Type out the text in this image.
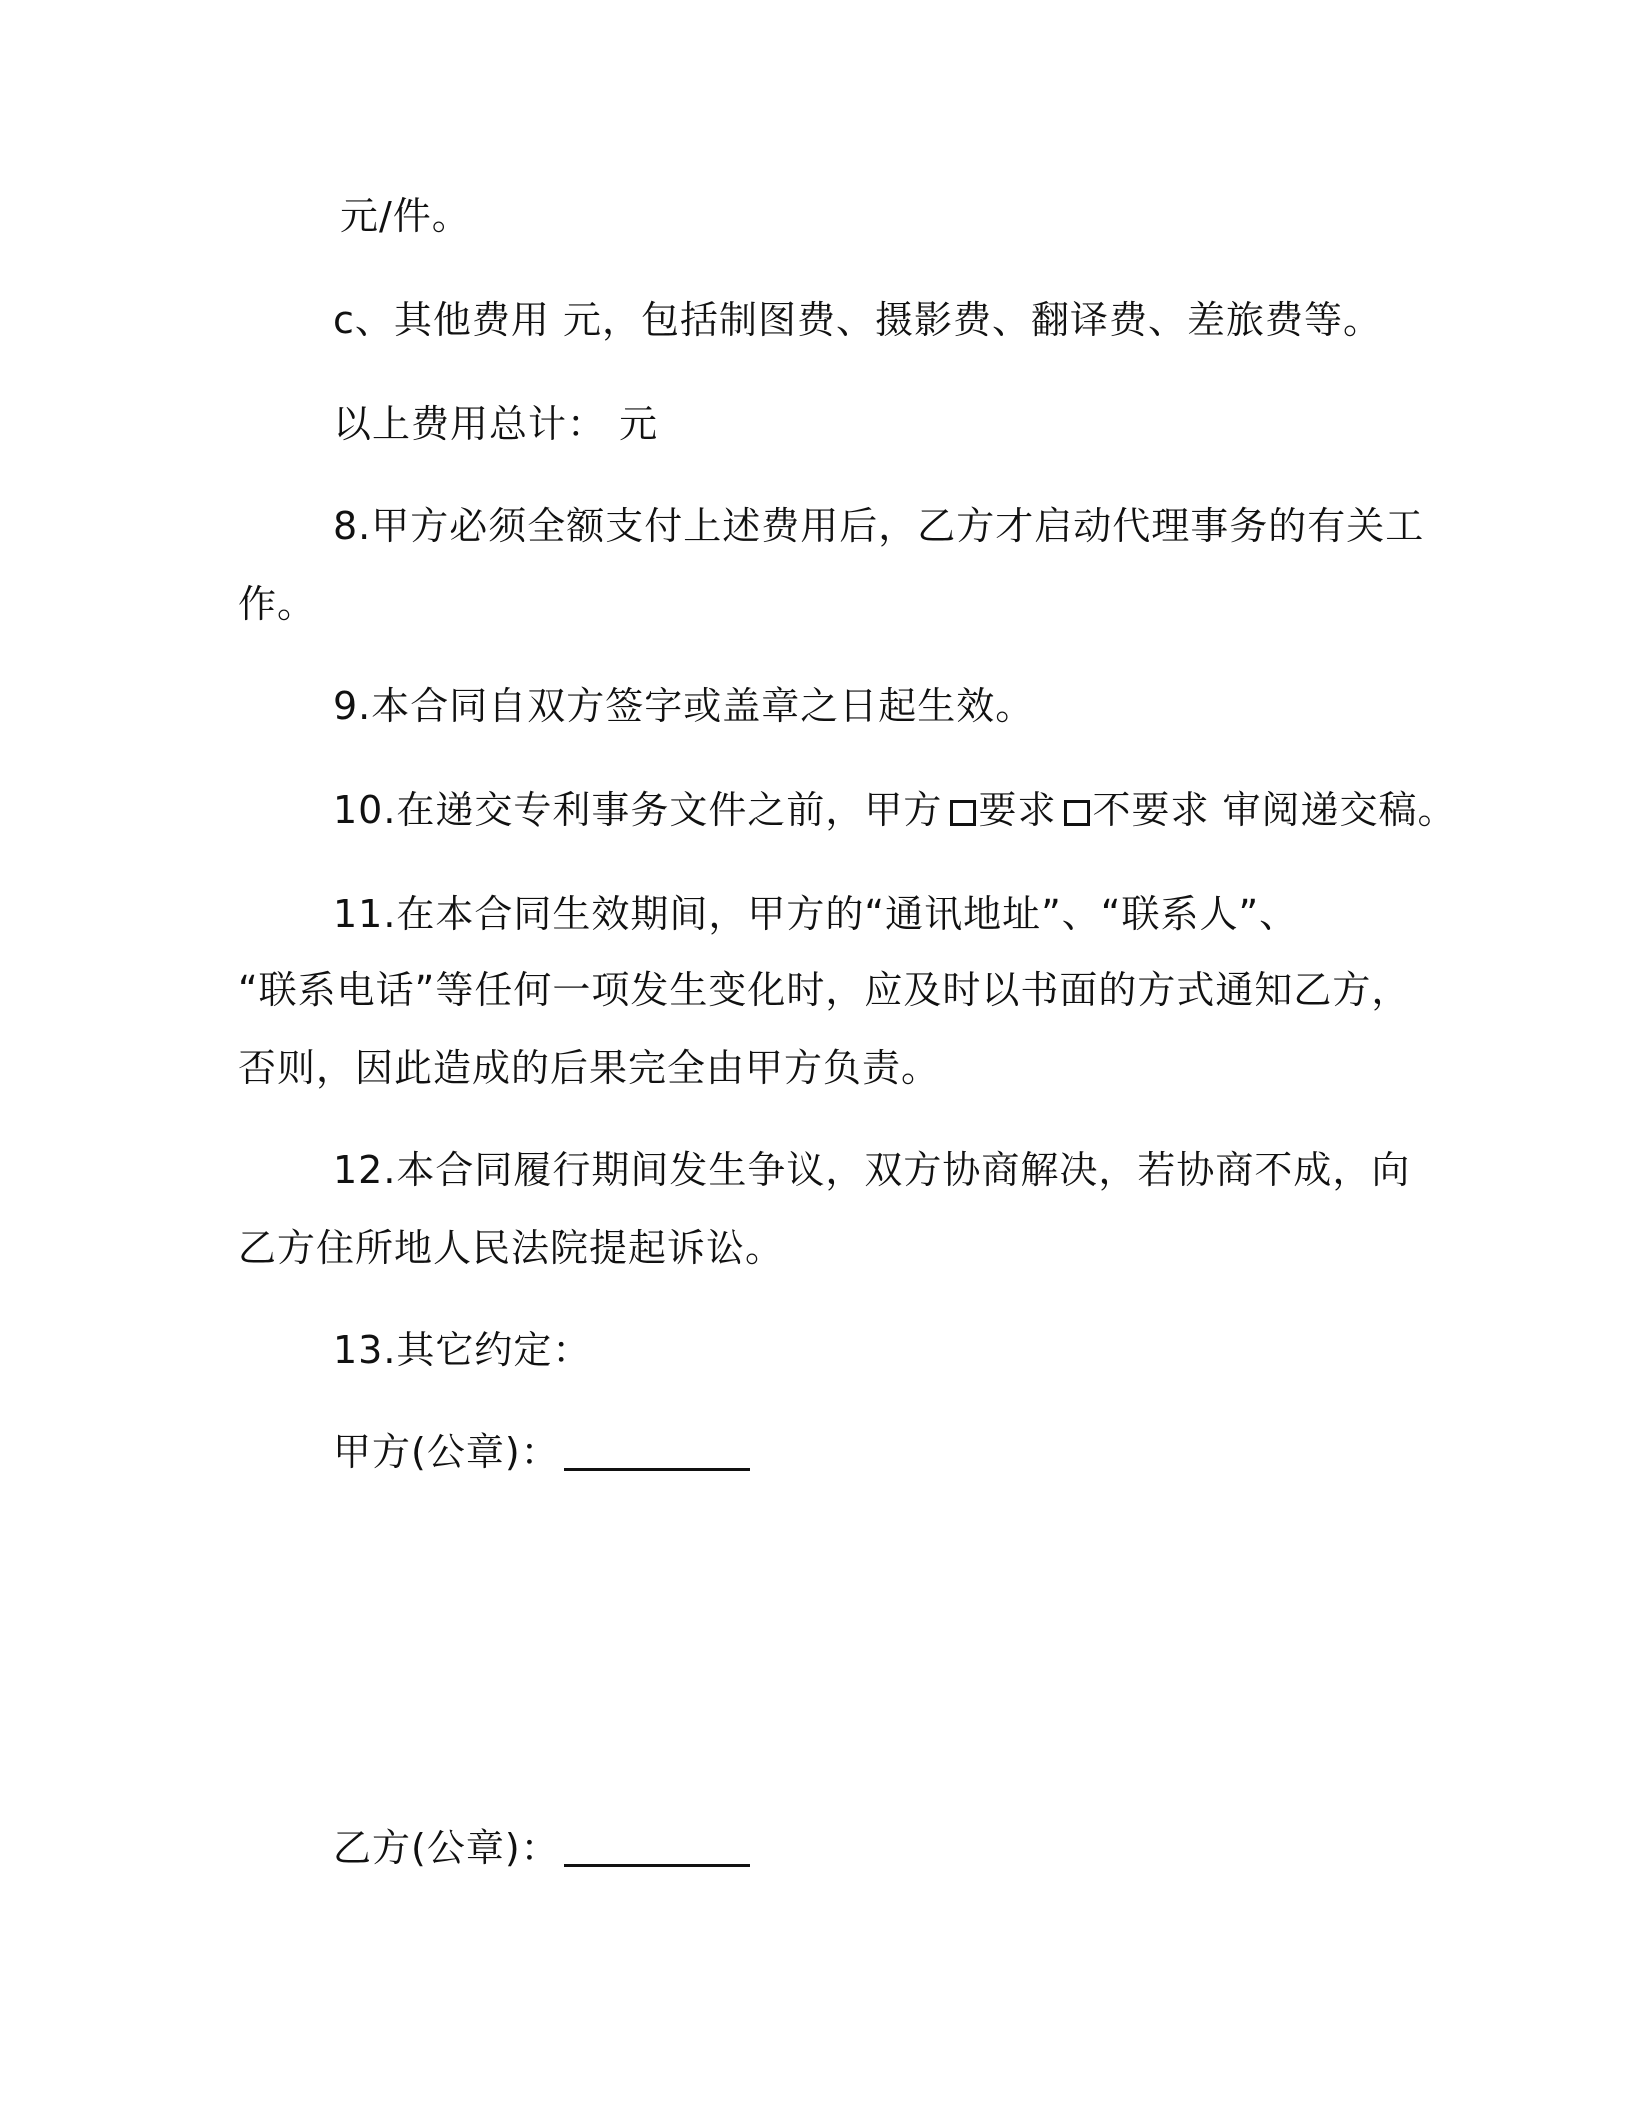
元/件。
c、其他费用 元，包括制图费、摄影费、翻译费、差旅费等。
以上费用总计： 元
8.甲方必须全额支付上述费用后，乙方才启动代理事务的有关工
作。
9.本合同自双方签字或盖章之日起生效。
10.在递交专利事务文件之前，甲方 要求 不要求 审阅递交稿。
11.在本合同生效期间，甲方的“通讯地址”、“联系人”、
“联系电话”等任何一项发生变化时，应及时以书面的方式通知乙方，
否则，因此造成的后果完全由甲方负责。
12.本合同履行期间发生争议，双方协商解决，若协商不成，向
乙方住所地人民法院提起诉讼。
13.其它约定：
甲方(公章)：
乙方(公章)：
